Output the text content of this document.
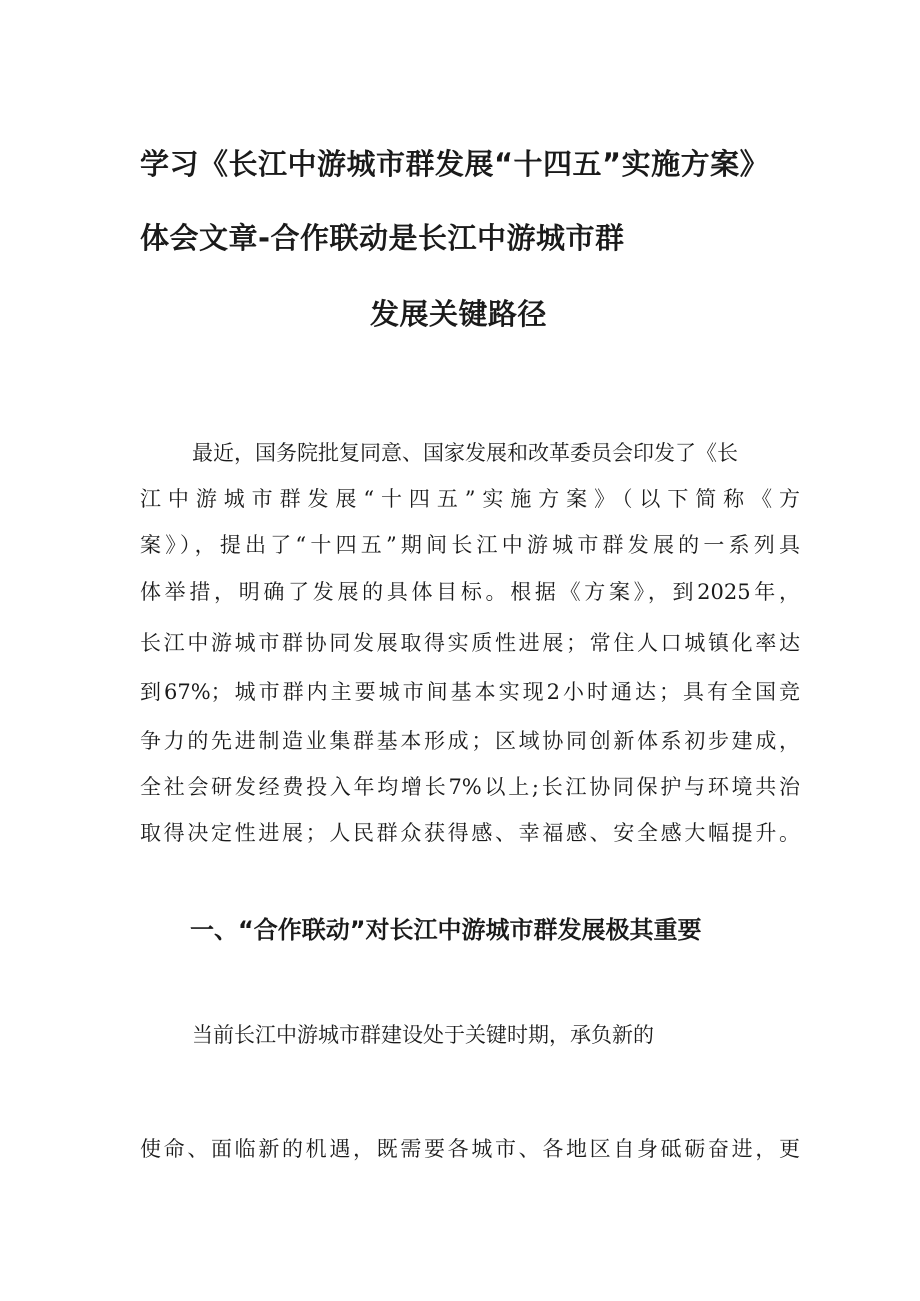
学习《长江中游城市群发展“十四五”实施方案》
体会文章-合作联动是长江中游城市群
发展关键路径
最近，国务院批复同意、国家发展和改革委员会印发了《长
江中游城市群发展“十四五”实施方案》（以下简称《方
案》），提出了“十四五”期间长江中游城市群发展的一系列具
体举措，明确了发展的具体目标。根据《方案》，到2025年，
长江中游城市群协同发展取得实质性进展；常住人口城镇化率达
到67%；城市群内主要城市间基本实现2小时通达；具有全国竞
争力的先进制造业集群基本形成；区域协同创新体系初步建成，
全社会研发经费投入年均增长7%以上;长江协同保护与环境共治
取得决定性进展；人民群众获得感、幸福感、安全感大幅提升。
一、“合作联动”对长江中游城市群发展极其重要
当前长江中游城市群建设处于关键时期，承负新的
使命、面临新的机遇，既需要各城市、各地区自身砥砺奋进，更
